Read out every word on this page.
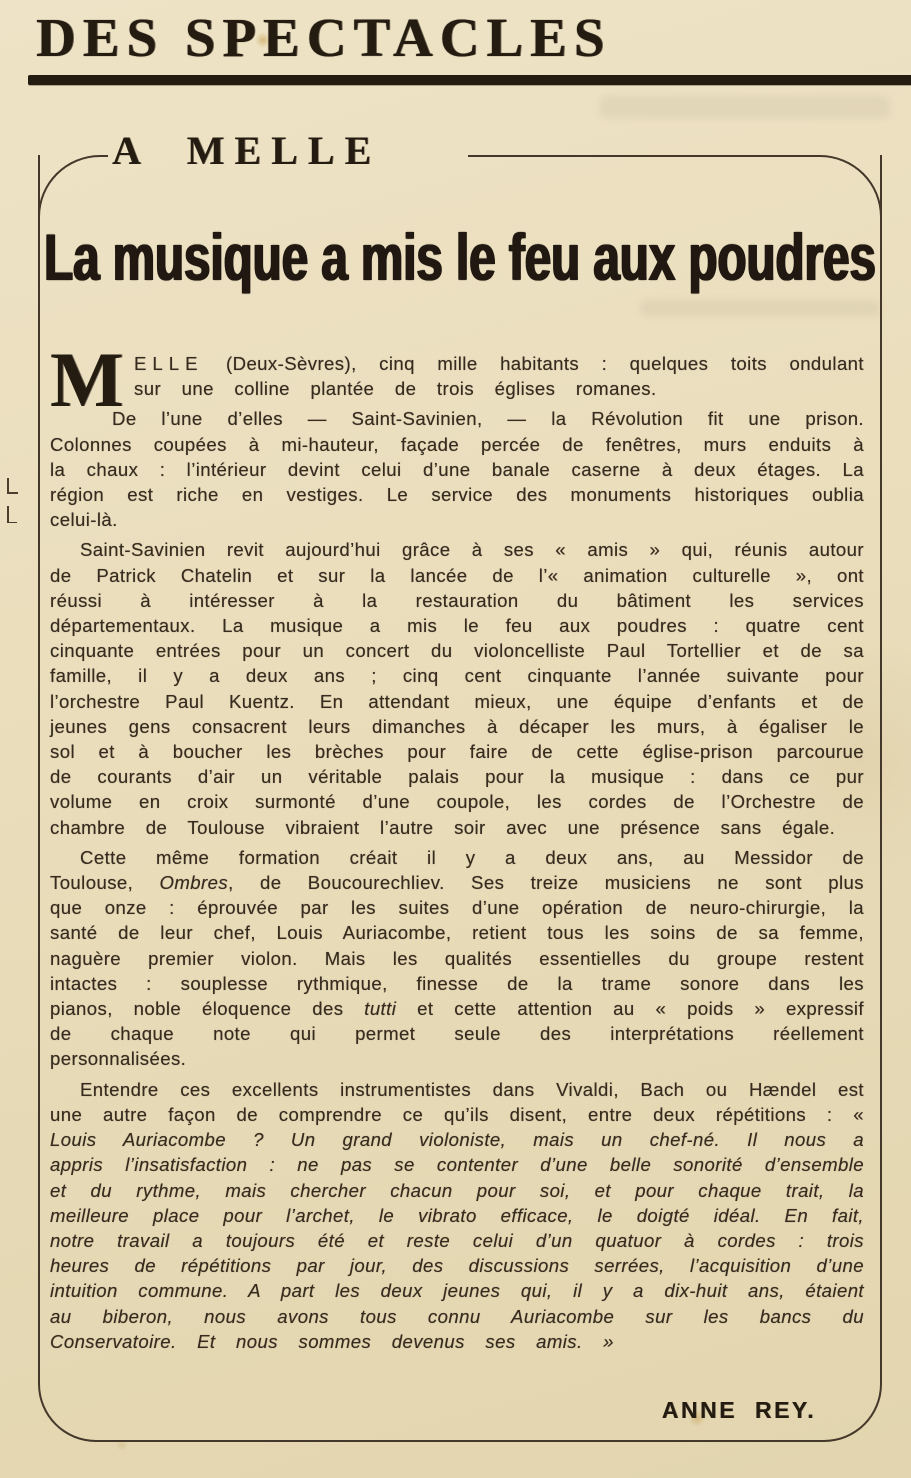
DES SPECTACLES
A MELLE
La musique a mis le feu aux poudres

MELLE (Deux-Sèvres), cinq mille habitants : quelques toits ondulant sur une colline plantée de trois églises romanes.

De l’une d’elles — Saint-Savinien, — la Révolution fit une prison. Colonnes coupées à mi-hauteur, façade percée de fenêtres, murs enduits à la chaux : l’intérieur devint celui d’une banale caserne à deux étages. La région est riche en vestiges. Le service des monuments historiques oublia celui-là.

Saint-Savinien revit aujourd’hui grâce à ses « amis » qui, réunis autour de Patrick Chatelin et sur la lancée de l’« animation culturelle », ont réussi à intéresser à la restauration du bâtiment les services départementaux. La musique a mis le feu aux poudres : quatre cent cinquante entrées pour un concert du violoncelliste Paul Tortellier et de sa famille, il y a deux ans ; cinq cent cinquante l’année suivante pour l’orchestre Paul Kuentz. En attendant mieux, une équipe d’enfants et de jeunes gens consacrent leurs dimanches à décaper les murs, à égaliser le sol et à boucher les brèches pour faire de cette église-prison parcourue de courants d’air un véritable palais pour la musique : dans ce pur volume en croix surmonté d’une coupole, les cordes de l’Orchestre de chambre de Toulouse vibraient l’autre soir avec une présence sans égale.

Cette même formation créait il y a deux ans, au Messidor de Toulouse, Ombres, de Boucourechliev. Ses treize musiciens ne sont plus que onze : éprouvée par les suites d’une opération de neuro-chirurgie, la santé de leur chef, Louis Auriacombe, retient tous les soins de sa femme, naguère premier violon. Mais les qualités essentielles du groupe restent intactes : souplesse rythmique, finesse de la trame sonore dans les pianos, noble éloquence des tutti et cette attention au « poids » expressif de chaque note qui permet seule des interprétations réellement personnalisées.

Entendre ces excellents instrumentistes dans Vivaldi, Bach ou Hændel est une autre façon de comprendre ce qu’ils disent, entre deux répétitions : « Louis Auriacombe ? Un grand violoniste, mais un chef-né. Il nous a appris l’insatisfaction : ne pas se contenter d’une belle sonorité d’ensemble et du rythme, mais chercher chacun pour soi, et pour chaque trait, la meilleure place pour l’archet, le vibrato efficace, le doigté idéal. En fait, notre travail a toujours été et reste celui d’un quatuor à cordes : trois heures de répétitions par jour, des discussions serrées, l’acquisition d’une intuition commune. A part les deux jeunes qui, il y a dix-huit ans, étaient au biberon, nous avons tous connu Auriacombe sur les bancs du Conservatoire. Et nous sommes devenus ses amis. »

ANNE REY.
